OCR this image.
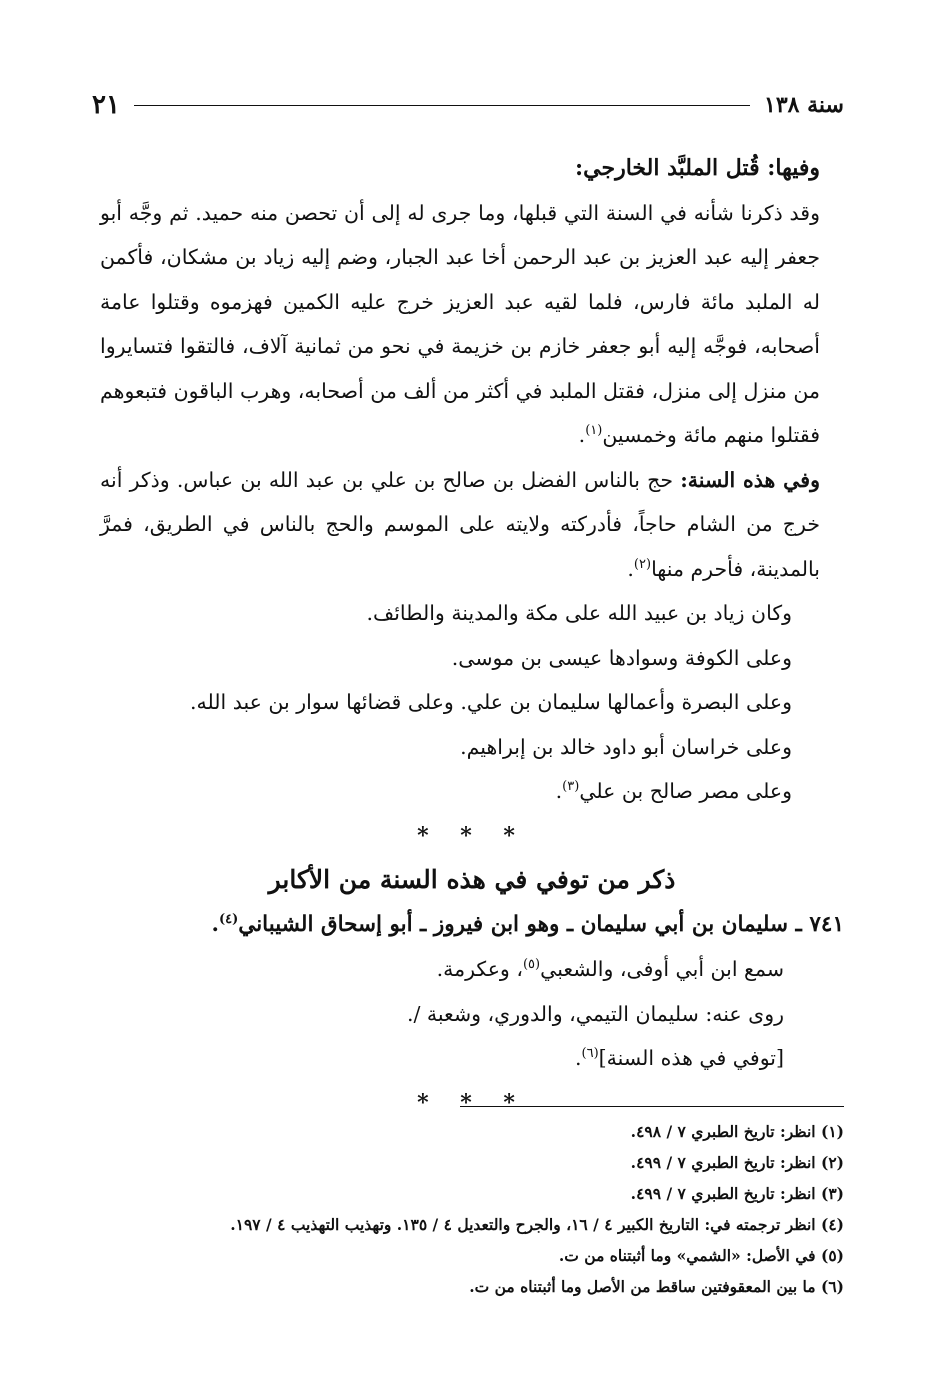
سنة ١٣٨
٢١

وفيها: قُتل الملبَّد الخارجي:

وقد ذكرنا شأنه في السنة التي قبلها، وما جرى له إلى أن تحصن منه حميد. ثم وجَّه أبو جعفر إليه عبد العزيز بن عبد الرحمن أخا عبد الجبار، وضم إليه زياد بن مشكان، فأكمن له الملبد مائة فارس، فلما لقيه عبد العزيز خرج عليه الكمين فهزموه وقتلوا عامة أصحابه، فوجَّه إليه أبو جعفر خازم بن خزيمة في نحو من ثمانية آلاف، فالتقوا فتسايروا من منزل إلى منزل، فقتل الملبد في أكثر من ألف من أصحابه، وهرب الباقون فتبعوهم فقتلوا منهم مائة وخمسين$^{(١)}$.

وفي هذه السنة: حج بالناس الفضل بن صالح بن علي بن عبد الله بن عباس. وذكر أنه خرج من الشام حاجاً، فأدركته ولايته على الموسم والحج بالناس في الطريق، فمرَّ بالمدينة، فأحرم منها$^{(٢)}$.

وكان زياد بن عبيد الله على مكة والمدينة والطائف.

وعلى الكوفة وسوادها عيسى بن موسى.

وعلى البصرة وأعمالها سليمان بن علي. وعلى قضائها سوار بن عبد الله.

وعلى خراسان أبو داود خالد بن إبراهيم.

وعلى مصر صالح بن علي$^{(٣)}$.

* * *

ذكر من توفي في هذه السنة من الأكابر

٧٤١ ـ سليمان بن أبي سليمان ـ وهو ابن فيروز ـ أبو إسحاق الشيباني$^{(٤)}$.

سمع ابن أبي أوفى، والشعبي$^{(٥)}$، وعكرمة.

روى عنه: سليمان التيمي، والدوري، وشعبة /.

[توفي في هذه السنة]$^{(٦)}$.

* * *

(١) انظر: تاريخ الطبري ٧ / ٤٩٨.

(٢) انظر: تاريخ الطبري ٧ / ٤٩٩.

(٣) انظر: تاريخ الطبري ٧ / ٤٩٩.

(٤) انظر ترجمته في: التاريخ الكبير ٤ / ١٦، والجرح والتعديل ٤ / ١٣٥. وتهذيب التهذيب ٤ / ١٩٧.

(٥) في الأصل: «الشمي» وما أثبتناه من ت.

(٦) ما بين المعقوفتين ساقط من الأصل وما أثبتناه من ت.
